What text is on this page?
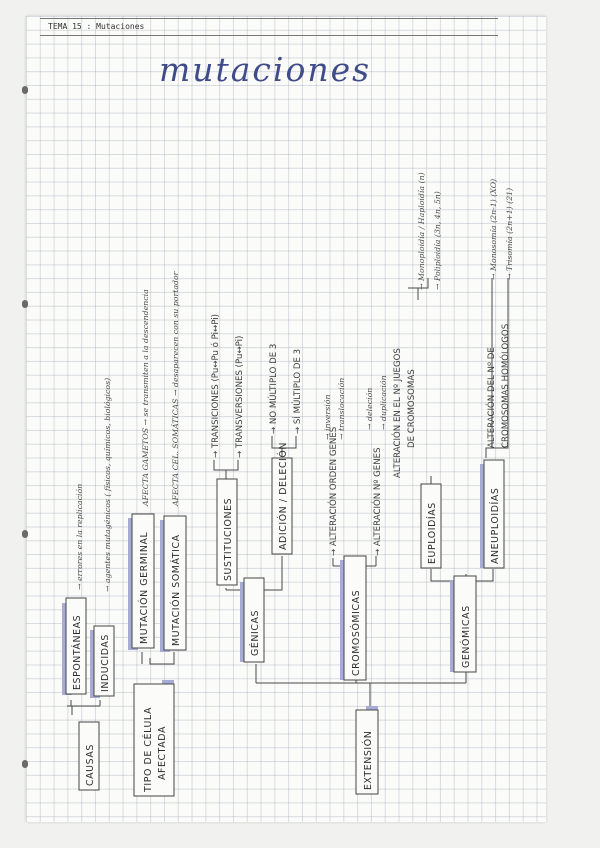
TEMA 15 : Mutaciones
mutaciones
CAUSAS
ESPONTÁNEAS INDUCIDAS
→ errores en la replicación → agentes mutagénicos ( físicos, químicos, biológicos)
TIPO DE CÉLULA AFECTADA
MUTACIÓN GERMINAL MUTACIÓN SOMÁTICA
AFECTA GAMETOS → se transmiten a la descendencia	AFECTA CEL. SOMÁTICAS → desaparecen con su portador
EXTENSIÓN
GÉNICAS
SUSTITUCIONES	ADICIÓN / DELECIÓN
→ TRANSICIONES (Pu↔Pu ó Pi↔Pi) → TRANSVERSIONES (Pu↔Pi)	→ NO MÚLTIPLO DE 3 → SÍ MÚLTIPLO DE 3
CROMOSÓMICAS
→ ALTERACIÓN ORDEN GENES	→ ALTERACIÓN Nº GENES
→ inversión → translocación → deleción → duplicación
GENÓMICAS
EUPLOIDÍAS	ANEUPLOIDÍAS
ALTERACIÓN EN EL Nº JUEGOS DE CROMOSOMAS
→ Monoploidía / Haploidía (n) → Poliploidía (3n, 4n, 5n)
ALTERACIÓN DEL Nº DE CROMOSOMAS HOMÓLOGOS
→ Monosomía (2n-1) (XO) → Trisomía (2n+1) (21)
